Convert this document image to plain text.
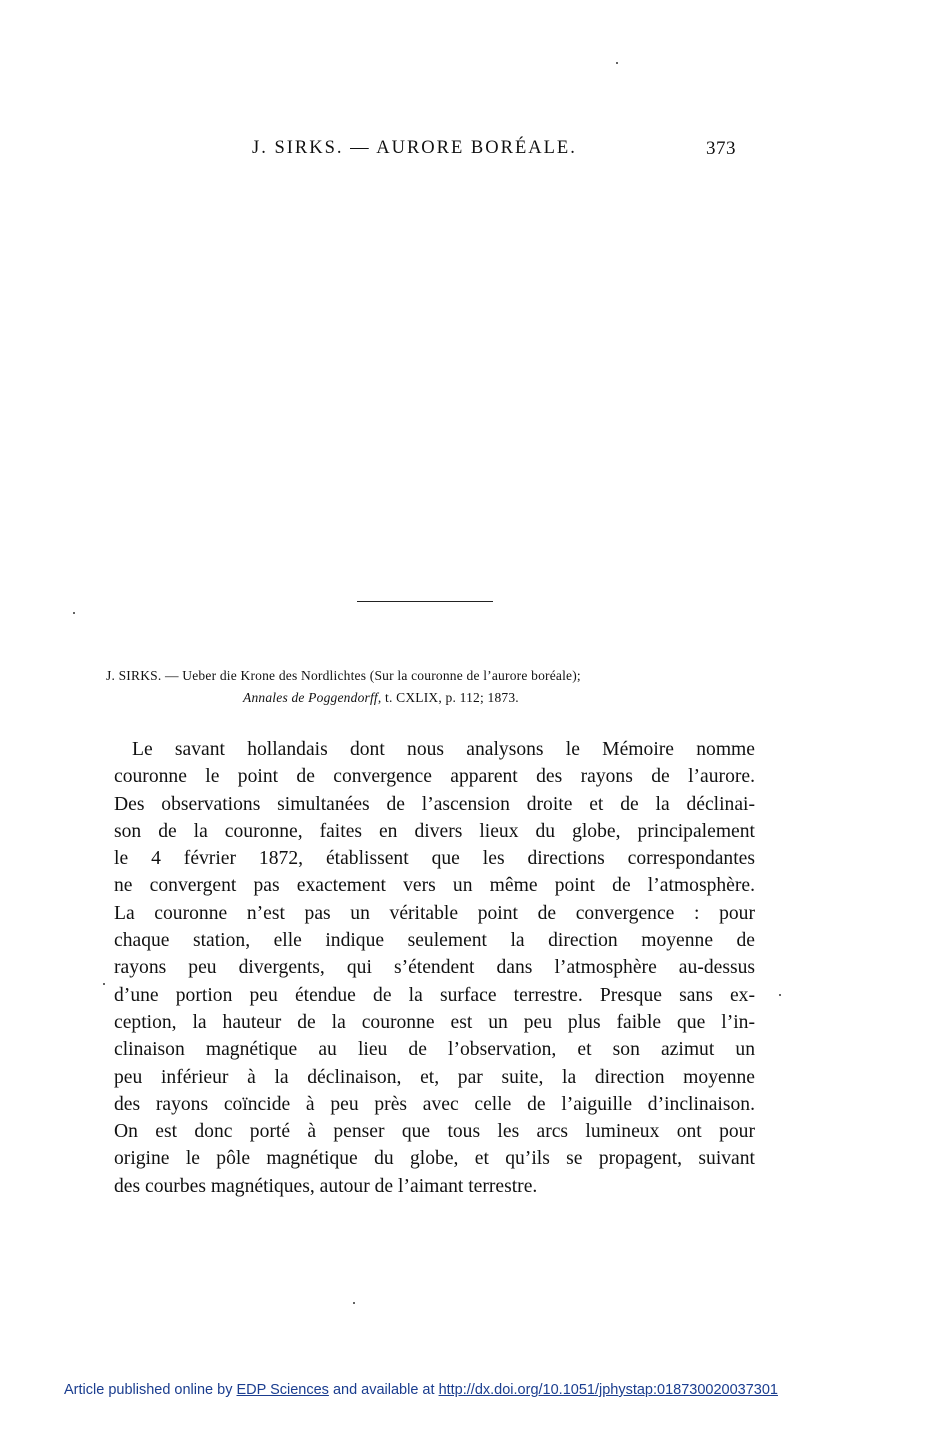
J. SIRKS. — AURORE BORÉALE.	373
J. SIRKS. — Ueber die Krone des Nordlichtes (Sur la couronne de l’aurore boréale);
Annales de Poggendorff, t. CXLIX, p. 112; 1873.
Le savant hollandais dont nous analysons le Mémoire nomme
couronne le point de convergence apparent des rayons de l’aurore.
Des observations simultanées de l’ascension droite et de la déclinai-
son de la couronne, faites en divers lieux du globe, principalement
le 4 février 1872, établissent que les directions correspondantes
ne convergent pas exactement vers un même point de l’atmosphère.
La couronne n’est pas un véritable point de convergence : pour
chaque station, elle indique seulement la direction moyenne de
rayons peu divergents, qui s’étendent dans l’atmosphère au-dessus
d’une portion peu étendue de la surface terrestre. Presque sans ex-
ception, la hauteur de la couronne est un peu plus faible que l’in-
clinaison magnétique au lieu de l’observation, et son azimut un
peu inférieur à la déclinaison, et, par suite, la direction moyenne
des rayons coïncide à peu près avec celle de l’aiguille d’inclinaison.
On est donc porté à penser que tous les arcs lumineux ont pour
origine le pôle magnétique du globe, et qu’ils se propagent, suivant
des courbes magnétiques, autour de l’aimant terrestre.
Article published online by EDP Sciences and available at http://dx.doi.org/10.1051/jphystap:018730020037301
